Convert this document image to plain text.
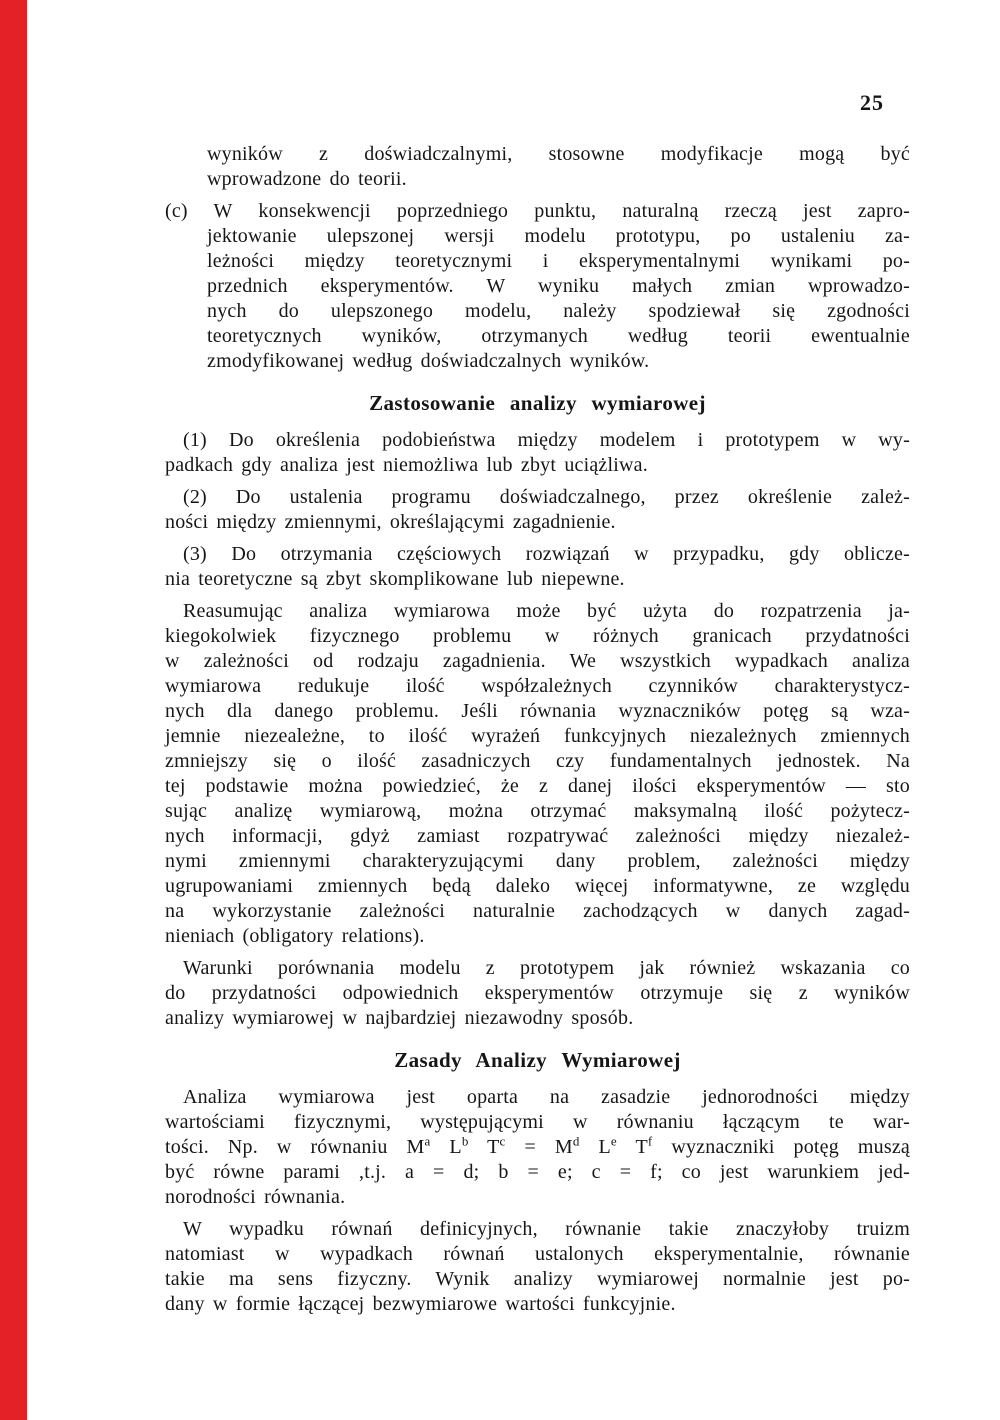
25
wyników z doświadczalnymi, stosowne modyfikacje mogą być
wprowadzone do teorii.
(c) W konsekwencji poprzedniego punktu, naturalną rzeczą jest zapro-
jektowanie ulepszonej wersji modelu prototypu, po ustaleniu za-
leżności między teoretycznymi i eksperymentalnymi wynikami po-
przednich eksperymentów. W wyniku małych zmian wprowadzo-
nych do ulepszonego modelu, należy spodziewał się zgodności
teoretycznych wyników, otrzymanych według teorii ewentualnie
zmodyfikowanej według doświadczalnych wyników.
Zastosowanie analizy wymiarowej
(1) Do określenia podobieństwa między modelem i prototypem w wy-
padkach gdy analiza jest niemożliwa lub zbyt uciążliwa.
(2) Do ustalenia programu doświadczalnego, przez określenie zależ-
ności między zmiennymi, określającymi zagadnienie.
(3) Do otrzymania częściowych rozwiązań w przypadku, gdy oblicze-
nia teoretyczne są zbyt skomplikowane lub niepewne.
Reasumując analiza wymiarowa może być użyta do rozpatrzenia ja-
kiegokolwiek fizycznego problemu w różnych granicach przydatności
w zależności od rodzaju zagadnienia. We wszystkich wypadkach analiza
wymiarowa redukuje ilość współzależnych czynników charakterystycz-
nych dla danego problemu. Jeśli równania wyznaczników potęg są wza-
jemnie niezeależne, to ilość wyrażeń funkcyjnych niezależnych zmiennych
zmniejszy się o ilość zasadniczych czy fundamentalnych jednostek. Na
tej podstawie można powiedzieć, że z danej ilości eksperymentów — sto
sując analizę wymiarową, można otrzymać maksymalną ilość pożytecz-
nych informacji, gdyż zamiast rozpatrywać zależności między niezależ-
nymi zmiennymi charakteryzującymi dany problem, zależności między
ugrupowaniami zmiennych będą daleko więcej informatywne, ze względu
na wykorzystanie zależności naturalnie zachodzących w danych zagad-
nieniach (obligatory relations).
Warunki porównania modelu z prototypem jak również wskazania co
do przydatności odpowiednich eksperymentów otrzymuje się z wyników
analizy wymiarowej w najbardziej niezawodny sposób.
Zasady Analizy Wymiarowej
Analiza wymiarowa jest oparta na zasadzie jednorodności między
wartościami fizycznymi, występującymi w równaniu łączącym te war-
tości. Np. w równaniu $M^a$ $L^b$ $T^c = M^d$ Le $T^f$ wyznaczniki potęg muszą
być równe parami ,t.j. a = d; b = e; c = f; co jest warunkiem jed-
norodności równania.
W wypadku równań definicyjnych, równanie takie znaczyłoby truizm
natomiast w wypadkach równań ustalonych eksperymentalnie, równanie
takie ma sens fizyczny. Wynik analizy wymiarowej normalnie jest po-
dany w formie łączącej bezwymiarowe wartości funkcyjnie.
